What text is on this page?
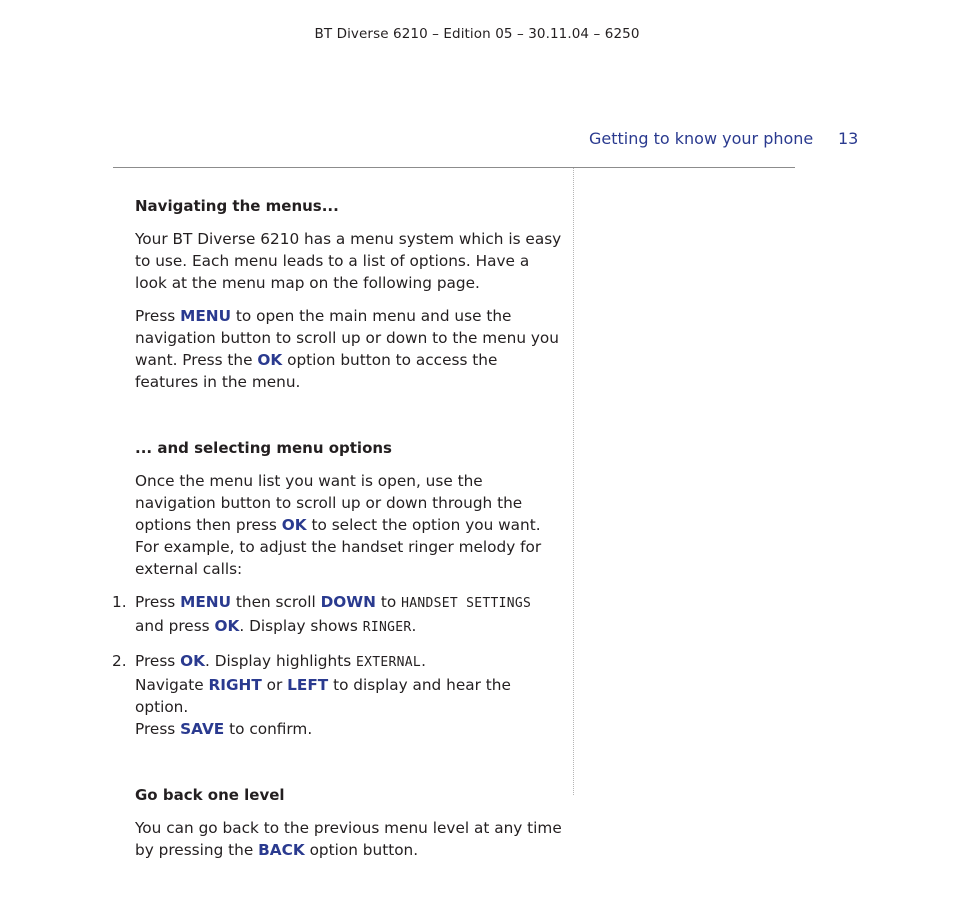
BT Diverse 6210 – Edition 05 – 30.11.04 – 6250
Getting to know your phone 13
Navigating the menus...

Your BT Diverse 6210 has a menu system which is easy to use. Each menu leads to a list of options. Have a look at the menu map on the following page.

Press MENU to open the main menu and use the navigation button to scroll up or down to the menu you want. Press the OK option button to access the features in the menu.

... and selecting menu options

Once the menu list you want is open, use the navigation button to scroll up or down through the options then press OK to select the option you want. For example, to adjust the handset ringer melody for external calls:

1. Press MENU then scroll DOWN to HANDSET SETTINGS
and press OK. Display shows RINGER.
2. Press OK. Display highlights EXTERNAL.
Navigate RIGHT or LEFT to display and hear the option.
Press SAVE to confirm.
Go back one level

You can go back to the previous menu level at any time by pressing the BACK option button.
